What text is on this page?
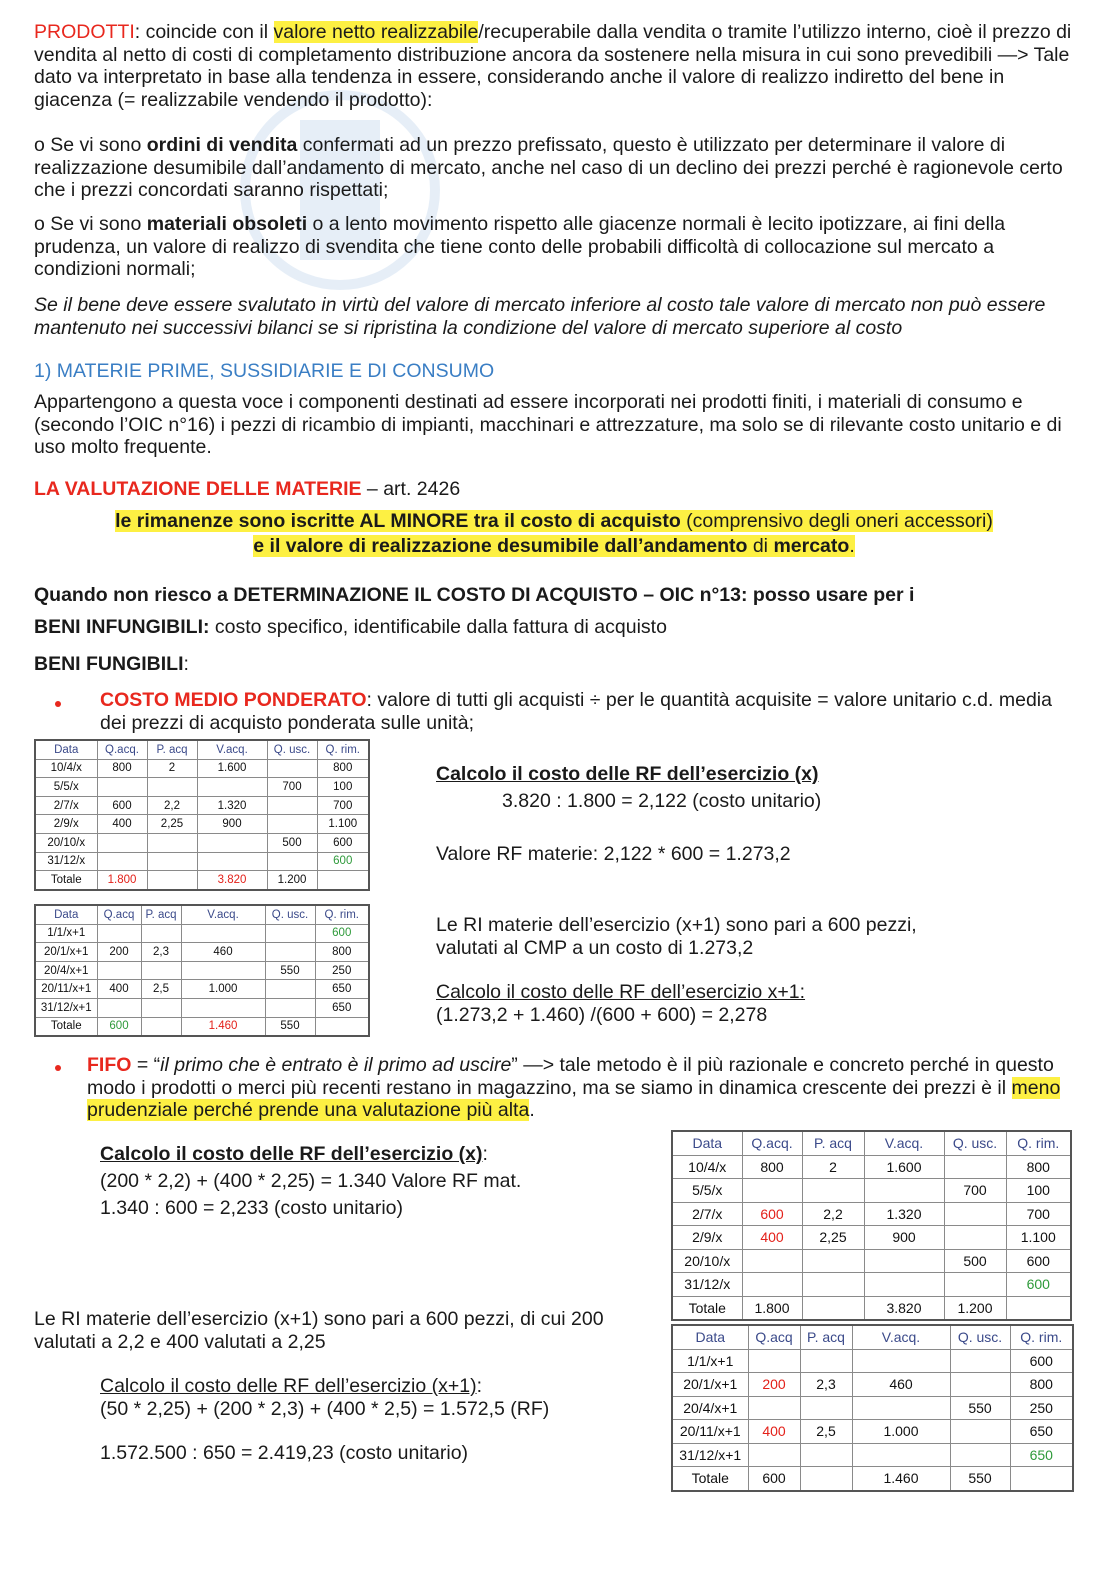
PRODOTTI: coincide con il valore netto realizzabile/recuperabile dalla vendita o tramite l’utilizzo interno, cioè il prezzo di vendita al netto di costi di completamento distribuzione ancora da sostenere nella misura in cui sono prevedibili —> Tale dato va interpretato in base alla tendenza in essere, considerando anche il valore di realizzo indiretto del bene in giacenza (= realizzabile vendendo il prodotto):
o Se vi sono ordini di vendita confermati ad un prezzo prefissato, questo è utilizzato per determinare il valore di realizzazione desumibile dall’andamento di mercato, anche nel caso di un declino dei prezzi perché è ragionevole certo che i prezzi concordati saranno rispettati;
o Se vi sono materiali obsoleti o a lento movimento rispetto alle giacenze normali è lecito ipotizzare, ai fini della prudenza, un valore di realizzo di svendita che tiene conto delle probabili difficoltà di collocazione sul mercato a condizioni normali;
Se il bene deve essere svalutato in virtù del valore di mercato inferiore al costo tale valore di mercato non può essere mantenuto nei successivi bilanci se si ripristina la condizione del valore di mercato superiore al costo
1) MATERIE PRIME, SUSSIDIARIE E DI CONSUMO
Appartengono a questa voce i componenti destinati ad essere incorporati nei prodotti finiti, i materiali di consumo e (secondo l’OIC n°16) i pezzi di ricambio di impianti, macchinari e attrezzature, ma solo se di rilevante costo unitario e di uso molto frequente.
LA VALUTAZIONE DELLE MATERIE – art. 2426
le rimanenze sono iscritte AL MINORE tra il costo di acquisto (comprensivo degli oneri accessori)
e il valore di realizzazione desumibile dall’andamento di mercato.
Quando non riesco a DETERMINAZIONE IL COSTO DI ACQUISTO – OIC n°13: posso usare per i
BENI INFUNGIBILI: costo specifico, identificabile dalla fattura di acquisto
BENI FUNGIBILI:
COSTO MEDIO PONDERATO: valore di tutti gli acquisti ÷ per le quantità acquisite = valore unitario c.d. media dei prezzi di acquisto ponderata sulle unità;
Data	Q.acq.	P. acq	V.acq.	Q. usc.	Q. rim.
10/4/x	800	2	1.600		800
5/5/x				700	100
2/7/x	600	2,2	1.320		700
2/9/x	400	2,25	900		1.100
20/10/x				500	600
31/12/x					600
Totale	1.800		3.820	1.200	
Data	Q.acq	P. acq	V.acq.	Q. usc.	Q. rim.
1/1/x+1					600
20/1/x+1	200	2,3	460		800
20/4/x+1				550	250
20/11/x+1	400	2,5	1.000		650
31/12/x+1					650
Totale	600		1.460	550	
Calcolo il costo delle RF dell’esercizio (x)
3.820 : 1.800 = 2,122 (costo unitario)
Valore RF materie: 2,122 * 600 = 1.273,2
Le RI materie dell’esercizio (x+1) sono pari a 600 pezzi,
valutati al CMP a un costo di 1.273,2
Calcolo il costo delle RF dell’esercizio x+1:
(1.273,2 + 1.460) /(600 + 600) = 2,278
FIFO = “il primo che è entrato è il primo ad uscire” —> tale metodo è il più razionale e concreto perché in questo modo i prodotti o merci più recenti restano in magazzino, ma se siamo in dinamica crescente dei prezzi è il meno prudenziale perché prende una valutazione più alta.
Calcolo il costo delle RF dell’esercizio (x):
(200 * 2,2) + (400 * 2,25) = 1.340 Valore RF mat.
1.340 : 600 = 2,233 (costo unitario)
Le RI materie dell’esercizio (x+1) sono pari a 600 pezzi, di cui 200 valutati a 2,2 e 400 valutati a 2,25
Calcolo il costo delle RF dell’esercizio (x+1):
(50 * 2,25) + (200 * 2,3) + (400 * 2,5) = 1.572,5 (RF)
1.572.500 : 650 = 2.419,23 (costo unitario)
Data	Q.acq.	P. acq	V.acq.	Q. usc.	Q. rim.
10/4/x	800	2	1.600		800
5/5/x				700	100
2/7/x	600	2,2	1.320		700
2/9/x	400	2,25	900		1.100
20/10/x				500	600
31/12/x					600
Totale	1.800		3.820	1.200	
Data	Q.acq	P. acq	V.acq.	Q. usc.	Q. rim.
1/1/x+1					600
20/1/x+1	200	2,3	460		800
20/4/x+1				550	250
20/11/x+1	400	2,5	1.000		650
31/12/x+1					650
Totale	600		1.460	550	
